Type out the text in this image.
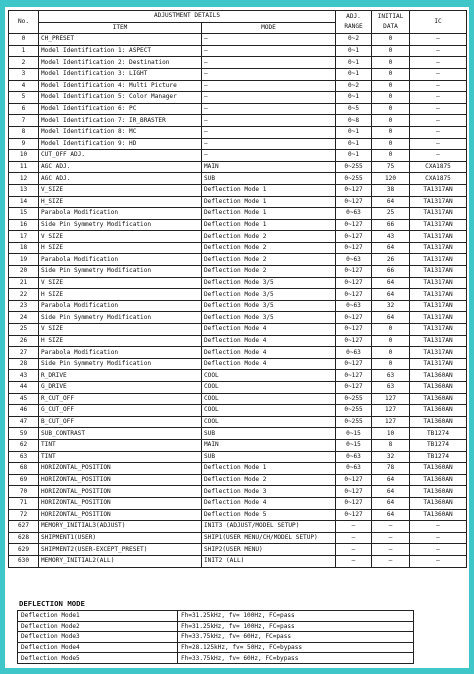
No.	ADJUSTMENT DETAILS		ADJ. RANGE	INITIAL DATA	IC
	ITEM	MODE			
0	CH_PRESET	—	0~2	0	—
1	Model Identification 1: ASPECT	—	0~1	0	—
2	Model Identification 2: Destination	—	0~1	0	—
3	Model Identification 3: LIGHT	—	0~1	0	—
4	Model Identification 4: Multi Picture	—	0~2	0	—
5	Model Identification 5: Color Manager	—	0~1	0	—
6	Model Identification 6: PC	—	0~5	0	—
7	Model Identification 7: IR_BRASTER	—	0~8	0	—
8	Model Identification 8: MC	—	0~1	0	—
9	Model Identification 9: HD	—	0~1	0	—
10	CUT_OFF ADJ.	—	0~1	0	—
11	AGC ADJ.	MAIN	0~255	75	CXA1875
12	AGC ADJ.	SUB	0~255	120	CXA1875
13	V_SIZE	Deflection Mode 1	0~127	38	TA1317AN
14	H_SIZE	Deflection Mode 1	0~127	64	TA1317AN
15	Parabola Modification	Deflection Mode 1	0~63	25	TA1317AN
16	Side Pin Symmetry Modification	Deflection Mode 1	0~127	66	TA1317AN
17	V SIZE	Deflection Mode 2	0~127	43	TA1317AN
18	H SIZE	Deflection Mode 2	0~127	64	TA1317AN
19	Parabola Modification	Deflection Mode 2	0~63	26	TA1317AN
20	Side Pin Symmetry Modification	Deflection Mode 2	0~127	66	TA1317AN
21	V SIZE	Deflection Mode 3/5	0~127	64	TA1317AN
22	H SIZE	Deflection Mode 3/5	0~127	64	TA1317AN
23	Parabola Modification	Deflection Mode 3/5	0~63	32	TA1317AN
24	Side Pin Symmetry Modification	Deflection Mode 3/5	0~127	64	TA1317AN
25	V SIZE	Deflection Mode 4	0~127	0	TA1317AN
26	H SIZE	Deflection Mode 4	0~127	0	TA1317AN
27	Parabola Modification	Deflection Mode 4	0~63	0	TA1317AN
28	Side Pin Symmetry Modification	Deflection Mode 4	0~127	0	TA1317AN
43	R_DRIVE	COOL	0~127	63	TA1360AN
44	G_DRIVE	COOL	0~127	63	TA1360AN
45	R_CUT_OFF	COOL	0~255	127	TA1360AN
46	G_CUT_OFF	COOL	0~255	127	TA1360AN
47	B_CUT_OFF	COOL	0~255	127	TA1360AN
59	SUB_CONTRAST	SUB	0~15	10	TB1274
62	TINT	MAIN	0~15	8	TB1274
63	TINT	SUB	0~63	32	TB1274
68	HORIZONTAL_POSITION	Deflection Mode 1	0~63	78	TA1360AN
69	HORIZONTAL_POSITION	Deflection Mode 2	0~127	64	TA1360AN
70	HORIZONTAL_POSITION	Deflection Mode 3	0~127	64	TA1360AN
71	HORIZONTAL_POSITION	Deflection Mode 4	0~127	64	TA1360AN
72	HORIZONTAL_POSITION	Deflection Mode 5	0~127	64	TA1360AN
627	MEMORY_INITIAL3(ADJUST)	INIT3 (ADJUST/MODEL SETUP)	—	—	—
628	SHIPMENT1(USER)	SHIP1(USER MENU/CH/MODEL SETUP)	—	—	—
629	SHIPMENT2(USER-EXCEPT_PRESET)	SHIP2(USER MENU)	—	—	—
630	MEMORY_INITIAL2(ALL)	INIT2 (ALL)	—	—	—
DEFLECTION MODE
Deflection Mode1	Fh=31.25kHz, fv= 100Hz, FC=pass
Deflection Mode2	Fh=31.25kHz, fv= 100Hz, FC=pass
Deflection Mode3	Fh=33.75kHz, fv= 60Hz, FC=pass
Deflection Mode4	Fh=28.125kHz, fv= 50Hz, FC=bypass
Deflection Mode5	Fh=33.75kHz, fv= 60Hz, FC=bypass
